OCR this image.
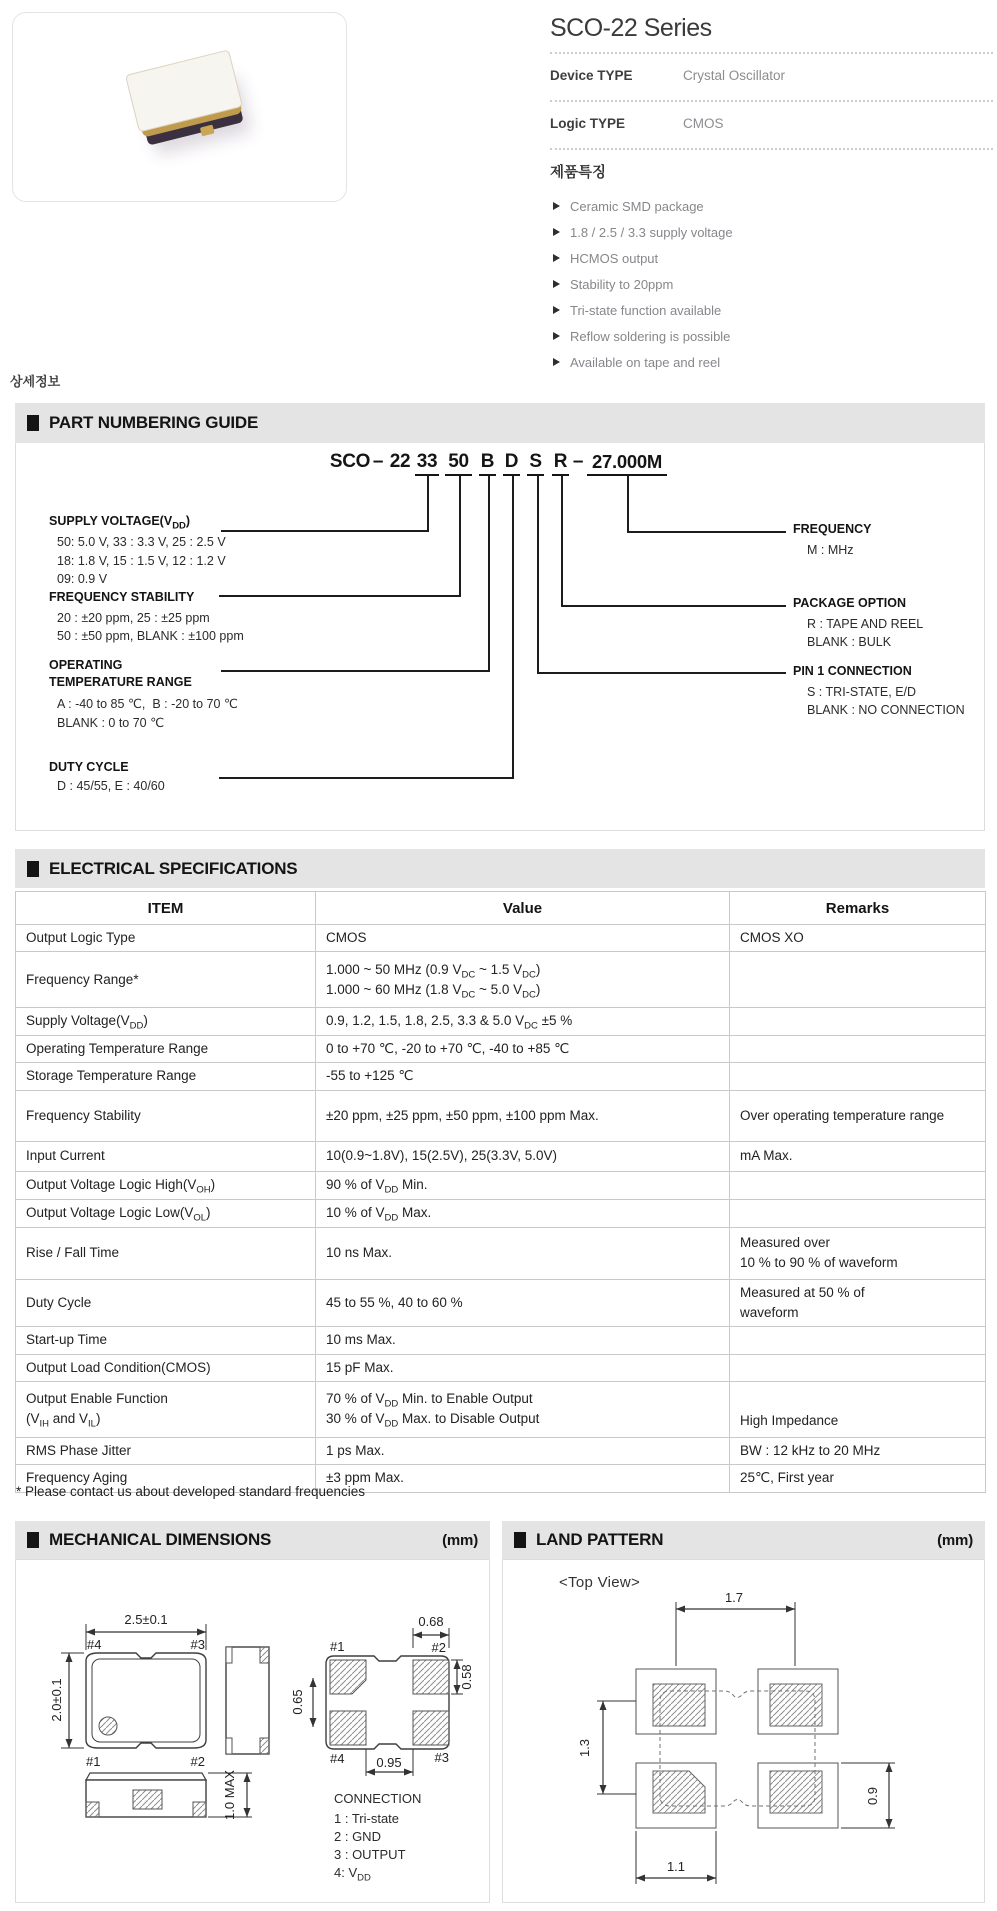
SCO-22 Series
Device TYPE	Crystal Oscillator
Logic TYPE	CMOS
제품특징
Ceramic SMD package
1.8 / 2.5 / 3.3 supply voltage
HCMOS output
Stability to 20ppm
Tri-state function available
Reflow soldering is possible
Available on tape and reel
상세정보
PART NUMBERING GUIDE
SCO – 22 33 50 B D S R – 27.000M
SUPPLY $VOLTAGE(V_{DD})$
50: 5.0 V, 33 : 3.3 V, 25 : 2.5 V
18: 1.8 V, 15 : 1.5 V, 12 : 1.2 V
09: 0.9 V
FREQUENCY STABILITY
20 : ±20 ppm, 25 : ±25 ppm
50 : ±50 ppm, BLANK : ±100 ppm
OPERATING
TEMPERATURE RANGE
A : -40 to 85 ℃,  B : -20 to 70 ℃
BLANK : 0 to 70 ℃
DUTY CYCLE
D : 45/55, E : 40/60
FREQUENCY
M : MHz
PACKAGE OPTION
R : TAPE AND REEL
BLANK : BULK
PIN 1 CONNECTION
S : TRI-STATE, E/D
BLANK : NO CONNECTION
ELECTRICAL SPECIFICATIONS
ITEM	Value	Remarks
Output Logic Type	CMOS	CMOS XO
Frequency Range*	1.000 ~ 50 MHz (0.9 $V_{DC}$ ~ 1.5 $V_{DC}$)
1.000 ~ 60 MHz (1.8 $V_{DC}$ ~ 5.0 $V_{DC}$)	
Supply $Voltage(V_{DD})$	0.9, 1.2, 1.5, 1.8, 2.5, 3.3 & 5.0 $V_{DC} \pm 5$ %	
Operating Temperature Range	0 to +70 ℃, -20 to +70 ℃, -40 to +85 ℃	
Storage Temperature Range	-55 to +125 ℃	
Frequency Stability	±20 ppm, ±25 ppm, ±50 ppm, ±100 ppm Max.	Over operating temperature range
Input Current	10(0.9~1.8V), 15(2.5V), 25(3.3V, 5.0V)	mA Max.
Output Voltage Logic $High(V_{OH})$	90 % of $V_{DD}$ Min.	
Output Voltage Logic $Low(V_{OL})$	10 % of $V_{DD}$ Max.	
Rise / Fall Time	10 ns Max.	Measured over
10 % to 90 % of waveform
Duty Cycle	45 to 55 %, 40 to 60 %	Measured at 50 % of
waveform
Start-up Time	10 ms Max.	
Output Load Condition(CMOS)	15 pF Max.	
Output Enable Function
($V_{IH}$ and $V_{IL}$)	70 % of $V_{DD}$ Min. to Enable Output
30 % of $V_{DD}$ Max. to Disable Output	High Impedance
RMS Phase Jitter	1 ps Max.	BW : 12 kHz to 20 MHz
Frequency Aging	±3 ppm Max.	25℃, First year
* Please contact us about developed standard frequencies
MECHANICAL DIMENSIONS	(mm)	LAND PATTERN	(mm)
2.5±0.1
2.0±0.1
#4	#3
#1	#2
1.0 MAX
#1	#2
#4	#3
0.68
0.58
0.65
0.95
CONNECTION
1 : Tri-state
2 : GND
3 : OUTPUT
4: $V_{DD}$
<Top View>
1.7
1.3
0.9
1.1
